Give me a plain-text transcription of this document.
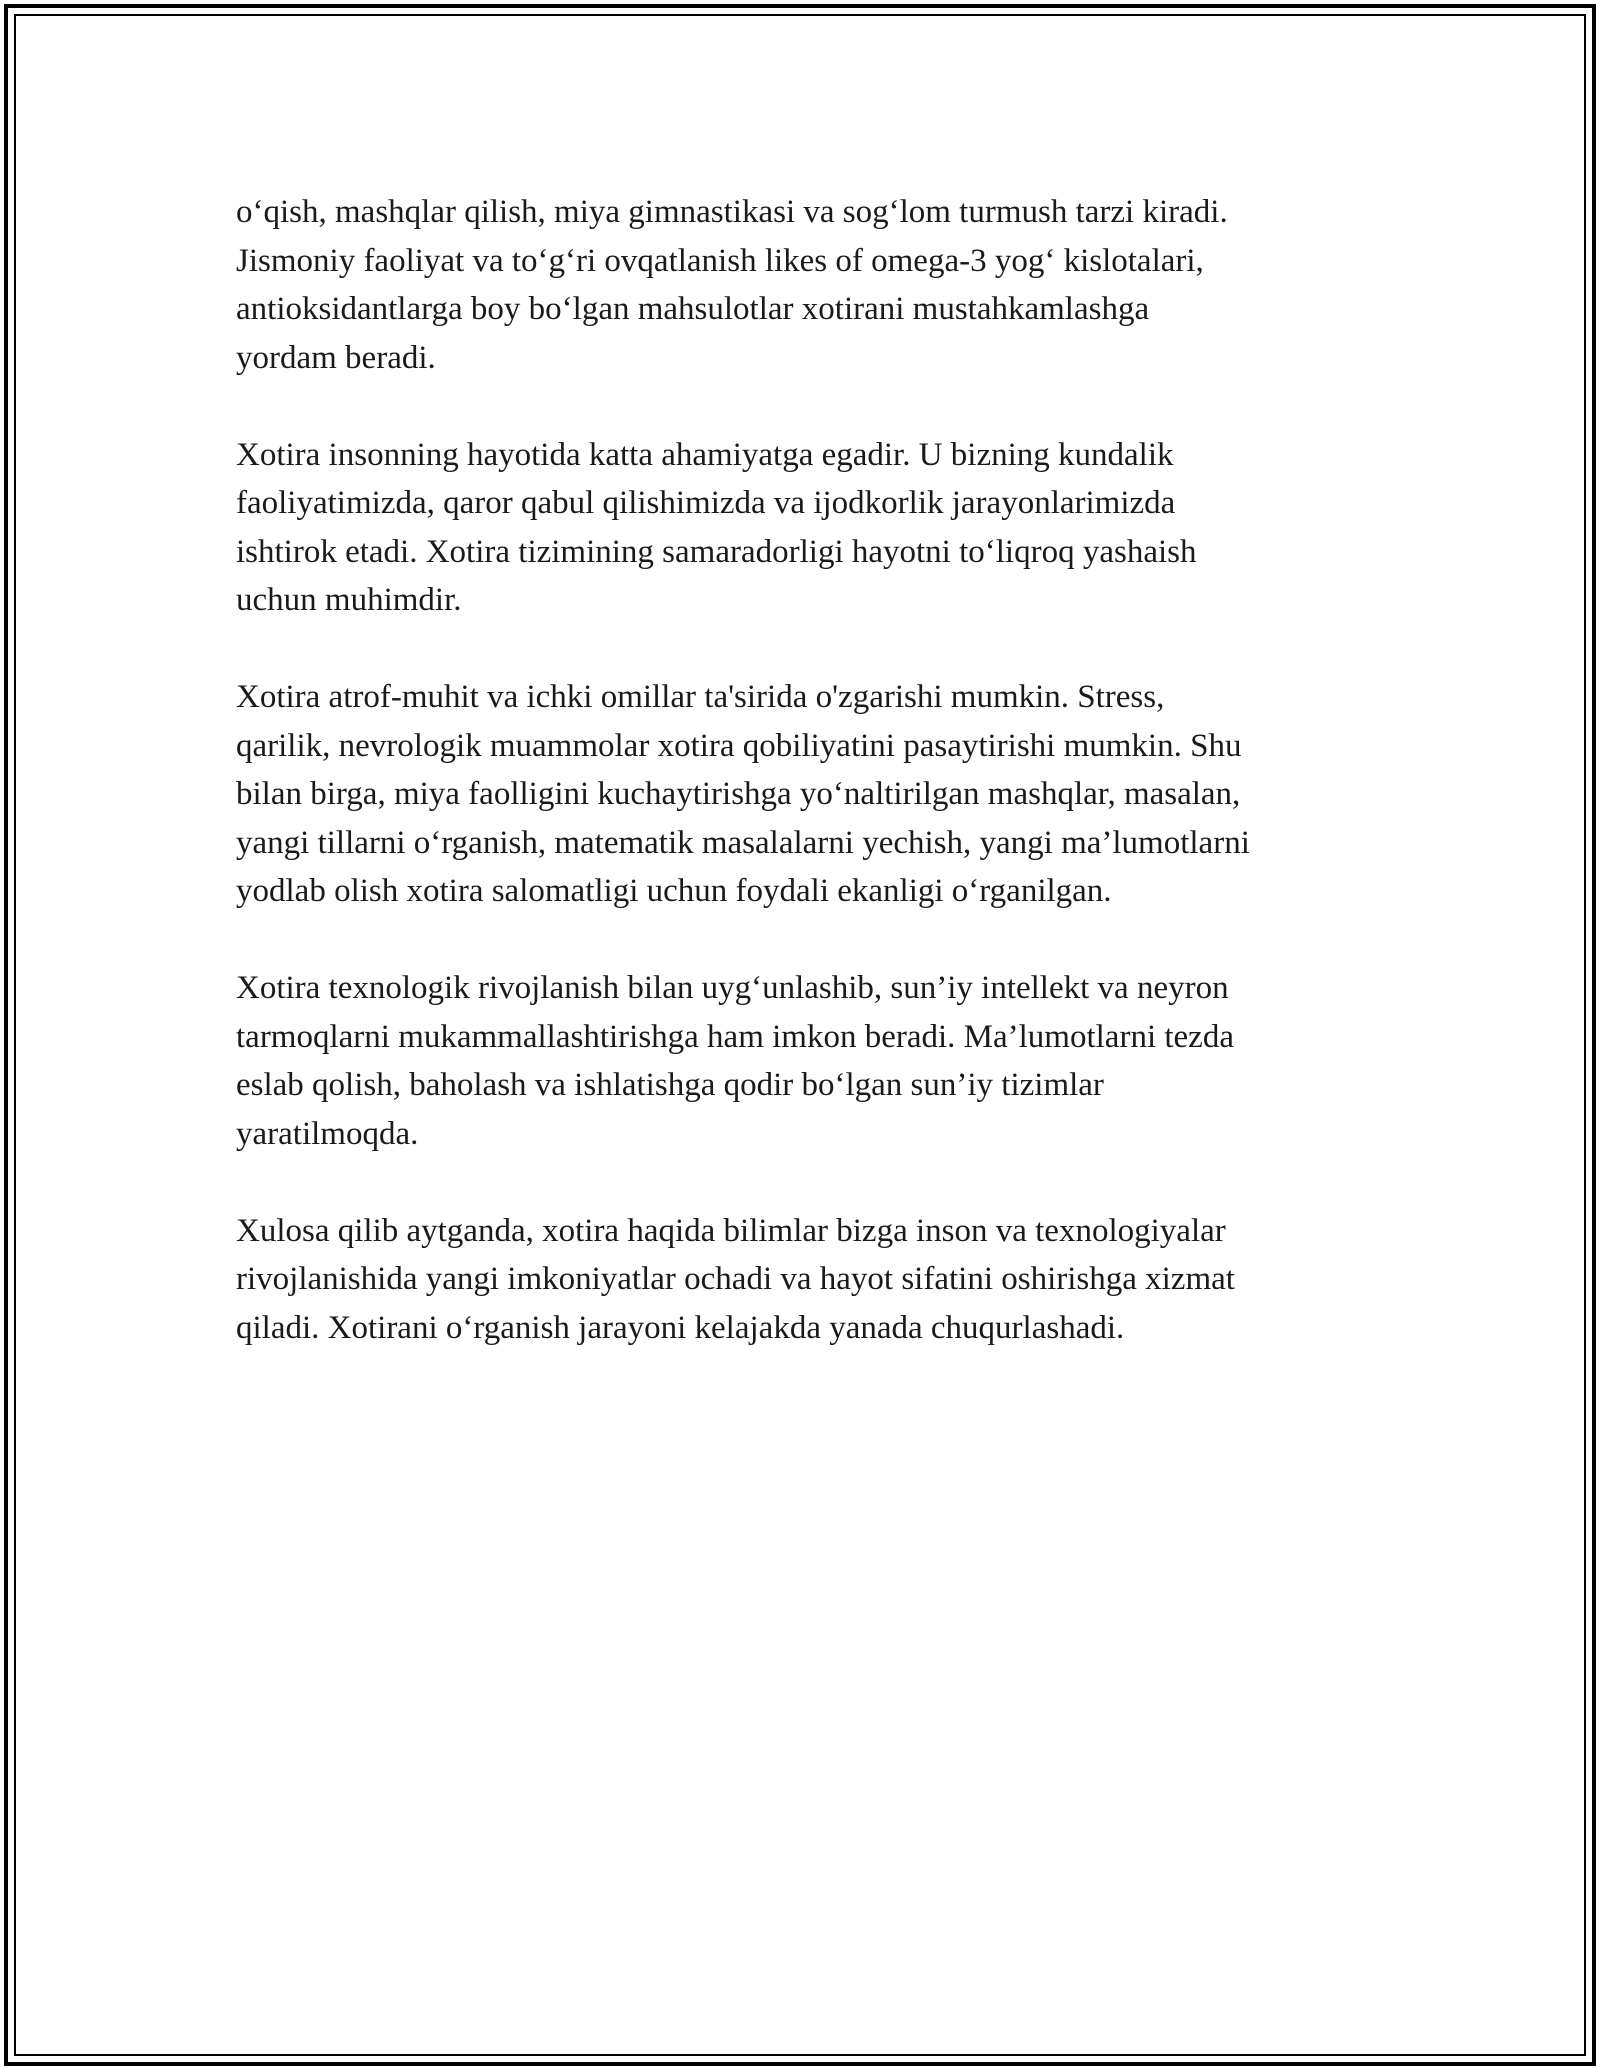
o‘qish, mashqlar qilish, miya gimnastikasi va sog‘lom turmush tarzi kiradi.
Jismoniy faoliyat va to‘g‘ri ovqatlanish likes of omega-3 yog‘ kislotalari,
antioksidantlarga boy bo‘lgan mahsulotlar xotirani mustahkamlashga
yordam beradi.

Xotira insonning hayotida katta ahamiyatga egadir. U bizning kundalik
faoliyatimizda, qaror qabul qilishimizda va ijodkorlik jarayonlarimizda
ishtirok etadi. Xotira tizimining samaradorligi hayotni to‘liqroq yashaish
uchun muhimdir.

Xotira atrof-muhit va ichki omillar ta'sirida o'zgarishi mumkin. Stress,
qarilik, nevrologik muammolar xotira qobiliyatini pasaytirishi mumkin. Shu
bilan birga, miya faolligini kuchaytirishga yo‘naltirilgan mashqlar, masalan,
yangi tillarni o‘rganish, matematik masalalarni yechish, yangi ma’lumotlarni
yodlab olish xotira salomatligi uchun foydali ekanligi o‘rganilgan.

Xotira texnologik rivojlanish bilan uyg‘unlashib, sun’iy intellekt va neyron
tarmoqlarni mukammallashtirishga ham imkon beradi. Ma’lumotlarni tezda
eslab qolish, baholash va ishlatishga qodir bo‘lgan sun’iy tizimlar
yaratilmoqda.

Xulosa qilib aytganda, xotira haqida bilimlar bizga inson va texnologiyalar
rivojlanishida yangi imkoniyatlar ochadi va hayot sifatini oshirishga xizmat
qiladi. Xotirani o‘rganish jarayoni kelajakda yanada chuqurlashadi.
